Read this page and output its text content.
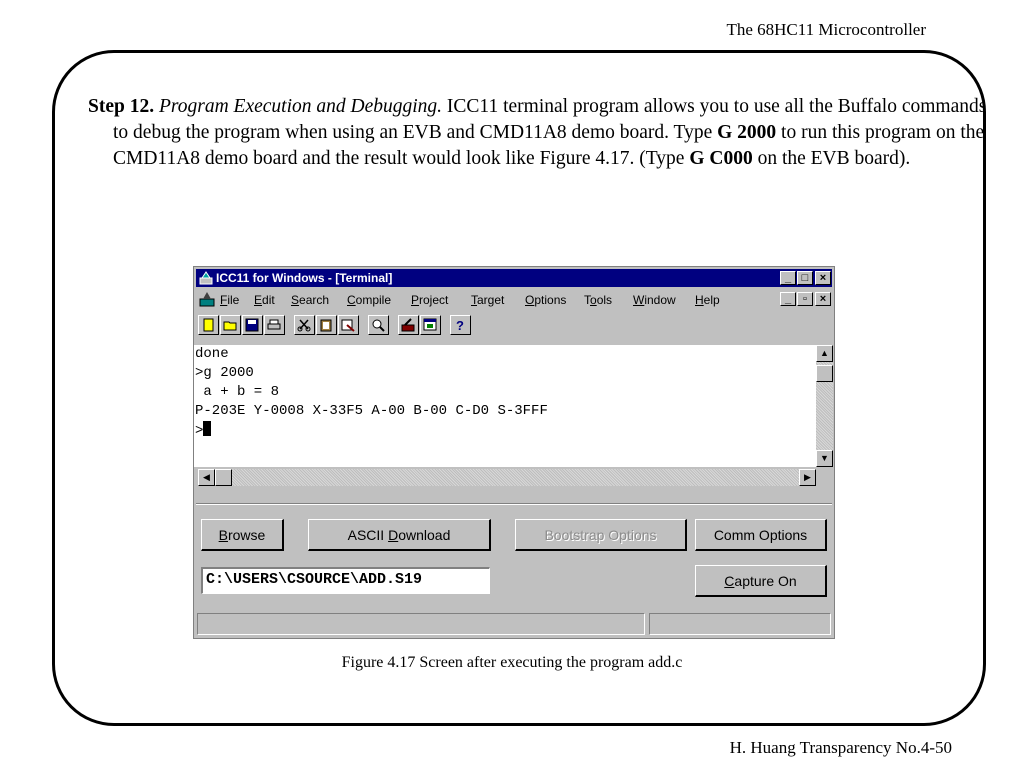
The 68HC11 Microcontroller
Step 12. Program Execution and Debugging. ICC11 terminal program allows you to use all the Buffalo commands to debug the program when using an EVB and CMD11A8 demo board. Type G 2000 to run this program on the CMD11A8 demo board and the result would look like Figure 4.17. (Type G C000 on the EVB board).
ICC11 for Windows - [Terminal]	_ □	×
File Edit Search Compile Project Target Options Tools Window Help	_	▫	×
?
done
>g 2000
a + b = 8
P-203E Y-0008 X-33F5 A-00 B-00 C-D0 S-3FFF
>
▲
▼
◀	▶
Browse	ASCII Download	Bootstrap Options	Comm Options
C:\USERS\CSOURCE\ADD.S19	Capture On
Figure 4.17 Screen after executing the program add.c
H. Huang Transparency No.4-50
